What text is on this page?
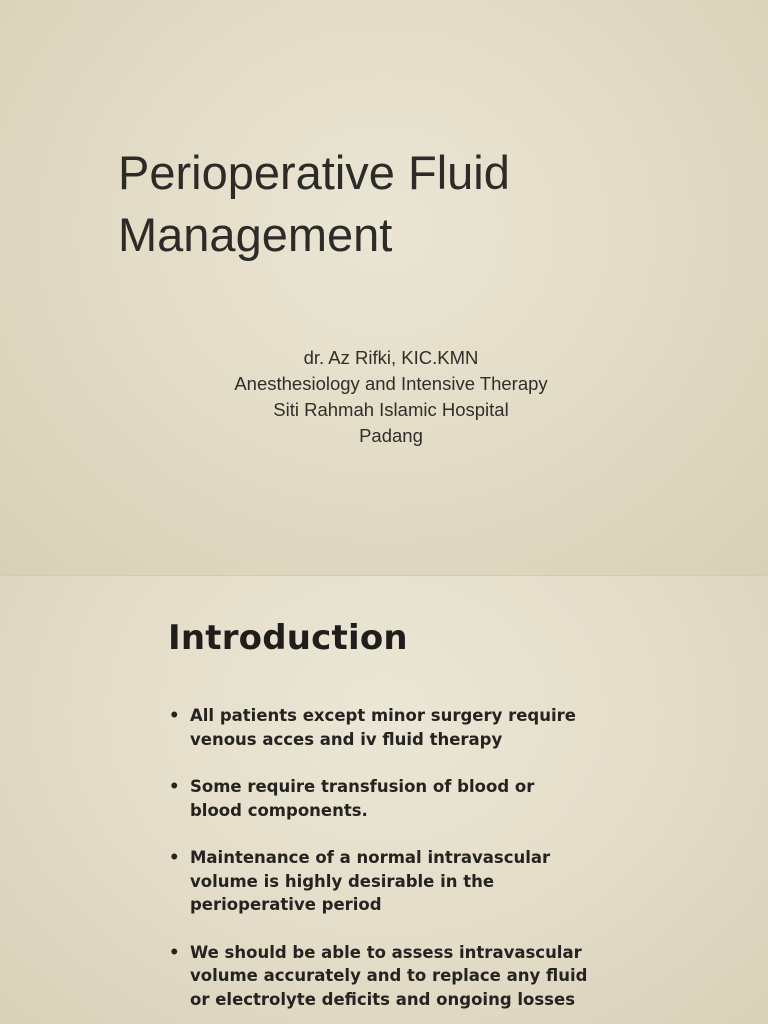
Perioperative Fluid
Management
dr. Az Rifki, KIC.KMN
Anesthesiology and Intensive Therapy
Siti Rahmah Islamic Hospital
Padang
Introduction
• All patients except minor surgery require
venous acces and iv fluid therapy
• Some require transfusion of blood or
blood components.
• Maintenance of a normal intravascular
volume is highly desirable in the
perioperative period
• We should be able to assess intravascular
volume accurately and to replace any fluid
or electrolyte deficits and ongoing losses
